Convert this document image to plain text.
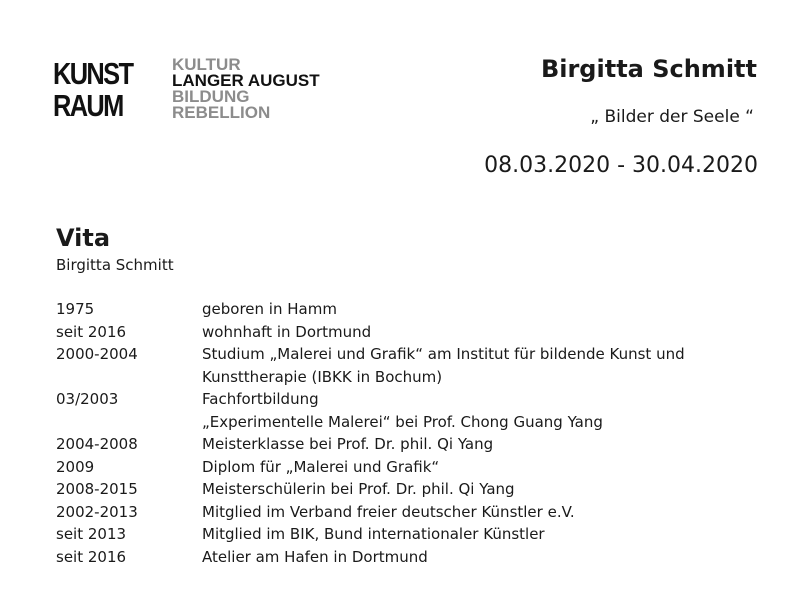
KUNST
RAUM
KULTUR
LANGER AUGUST
BILDUNG
REBELLION
Birgitta Schmitt
„ Bilder der Seele “
08.03.2020 - 30.04.2020
Vita
Birgitta Schmitt
1975	geboren in Hamm
seit 2016	wohnhaft in Dortmund
2000-2004	Studium „Malerei und Grafik“ am Institut für bildende Kunst und
Kunsttherapie (IBKK in Bochum)
03/2003	Fachfortbildung
„Experimentelle Malerei“ bei Prof. Chong Guang Yang
2004-2008	Meisterklasse bei Prof. Dr. phil. Qi Yang
2009	Diplom für „Malerei und Grafik“
2008-2015	Meisterschülerin bei Prof. Dr. phil. Qi Yang
2002-2013	Mitglied im Verband freier deutscher Künstler e.V.
seit 2013	Mitglied im BIK, Bund internationaler Künstler
seit 2016	Atelier am Hafen in Dortmund
